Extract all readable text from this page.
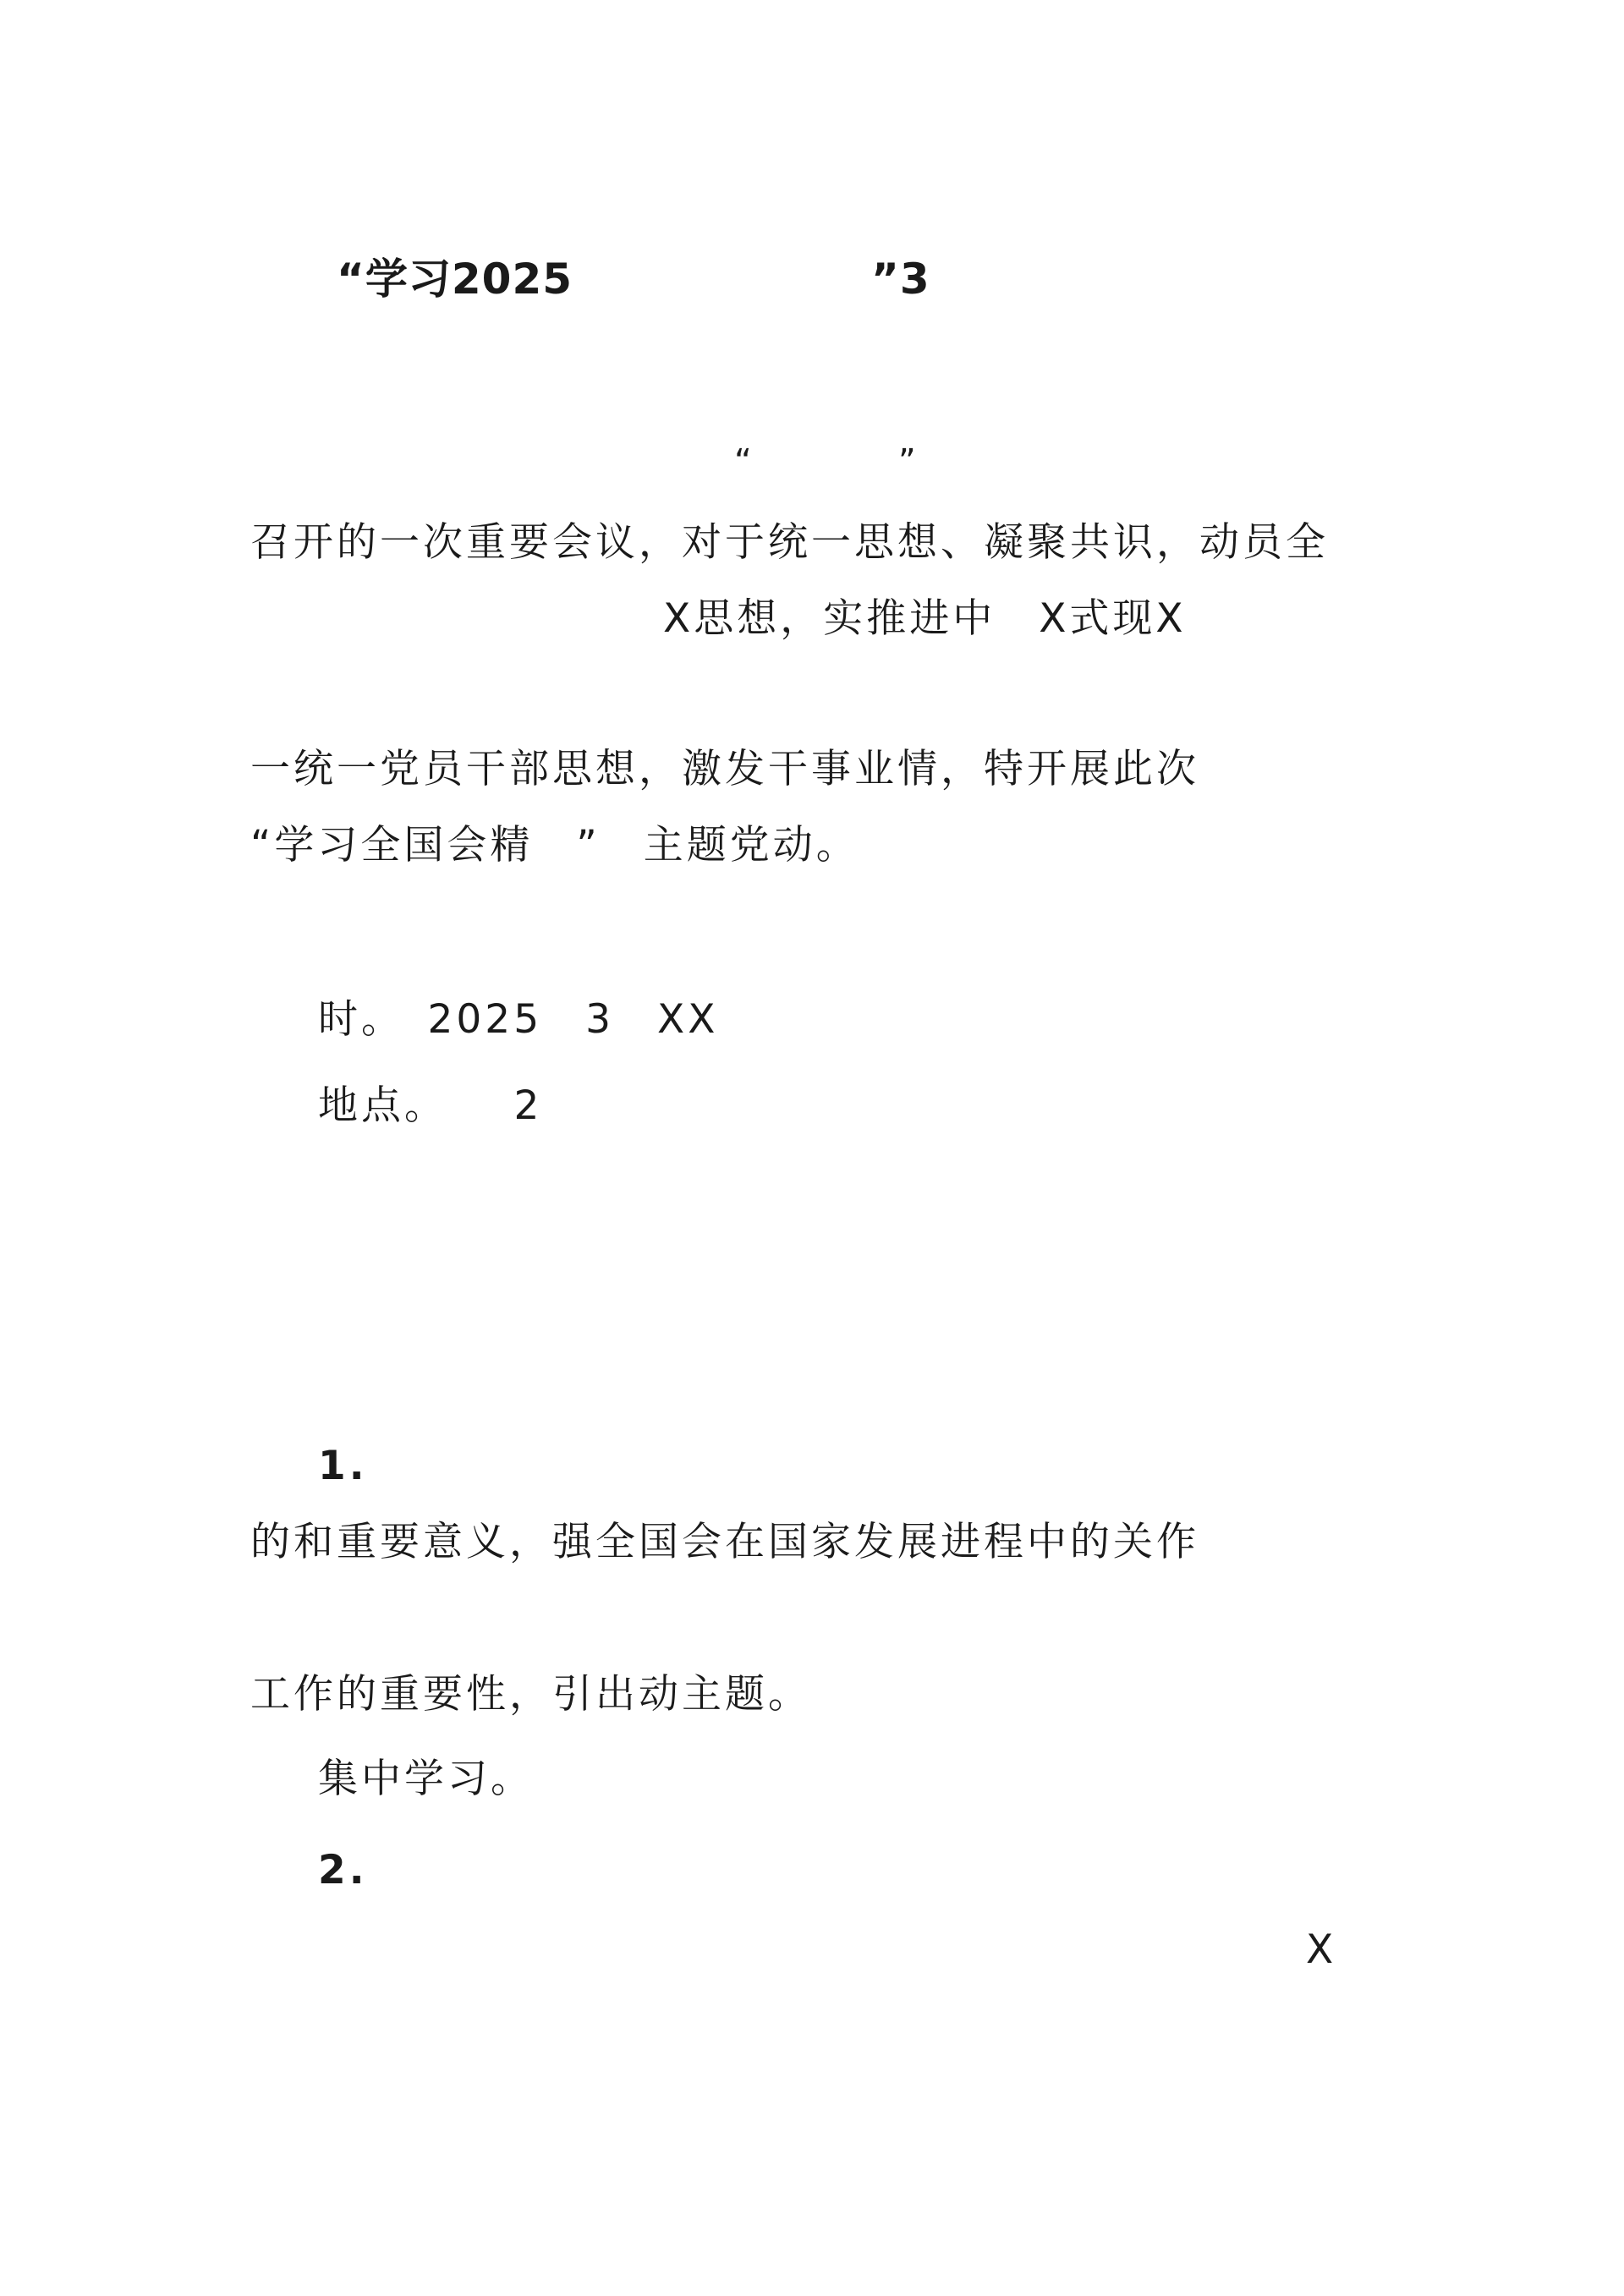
“学习2025	”3
“	”
召开的一次重要会议，对于统一思想、凝聚共识，动员全
X思想，实推进中　X式现X
一统一党员干部思想，激发干事业情，特开展此次
“学习全国会精　”　主题党动。
时。　2025　3　XX
地点。　　2
1.
的和重要意义，强全国会在国家发展进程中的关作
工作的重要性，引出动主题。
集中学习。
2.
X
